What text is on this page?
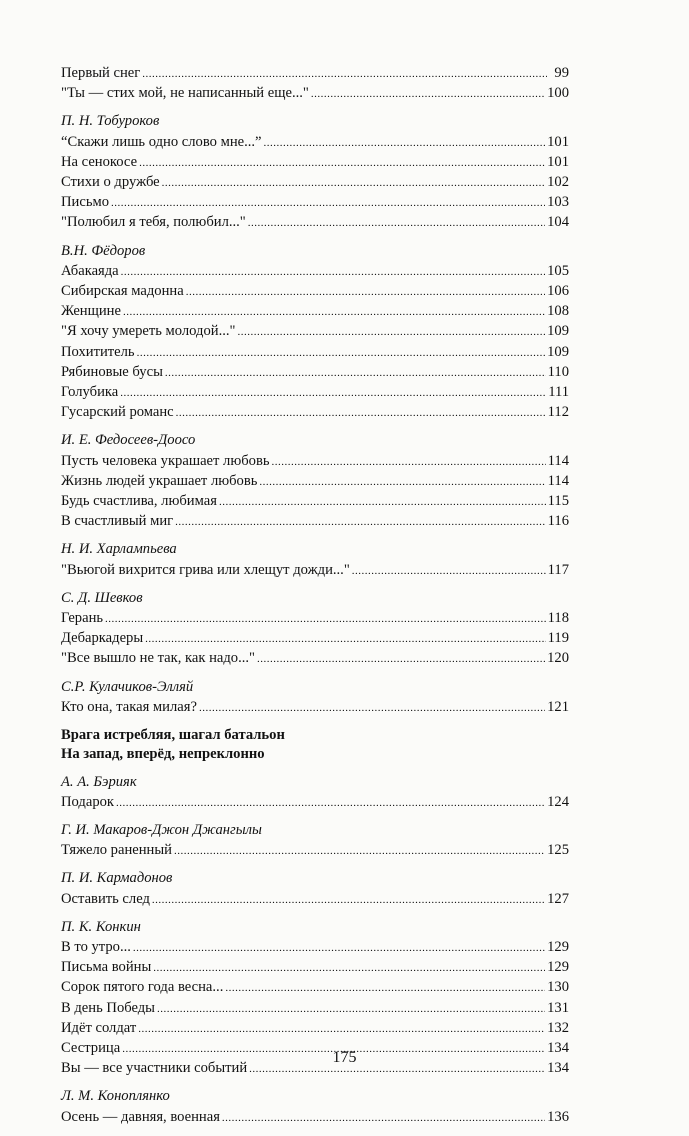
Первый снег .....	99
"Ты — стих мой, не написанный еще..." .....	100
П. Н. Тобуроков
“Скажи лишь одно слово мне...” .....	101
На сенокосе .....	101
Стихи о дружбе .....	102
Письмо .....	103
"Полюбил я тебя, полюбил..." .....	104
В.Н. Фёдоров
Абакаяда .....	105
Сибирская мадонна .....	106
Женщине .....	108
"Я хочу умереть молодой..." .....	109
Похититель .....	109
Рябиновые бусы .....	110
Голубика .....	111
Гусарский романс .....	112
И. Е. Федосеев-Доосо
Пусть человека украшает любовь .....	114
Жизнь людей украшает любовь .....	114
Будь счастлива, любимая .....	115
В счастливый миг .....	116
Н. И. Харлампьева
"Вьюгой вихрится грива или хлещут дожди..." .....	117
С. Д. Шевков
Герань .....	118
Дебаркадеры .....	119
"Все вышло не так, как надо..." .....	120
С.Р. Кулачиков-Элляй
Кто она, такая милая? .....	121
Врага истребляя, шагал батальон
На запад, вперёд, непреклонно
А. А. Бэрияк
Подарок .....	124
Г. И. Макаров-Джон Джангылы
Тяжело раненный .....	125
П. И. Кармадонов
Оставить след .....	127
П. К. Конкин
В то утро... .....	129
Письма войны .....	129
Сорок пятого года весна... .....	130
В день Победы .....	131
Идёт солдат .....	132
Сестрица .....	134
Вы — все участники событий .....	134
Л. М. Коноплянко
Осень — давняя, военная .....	136
175
